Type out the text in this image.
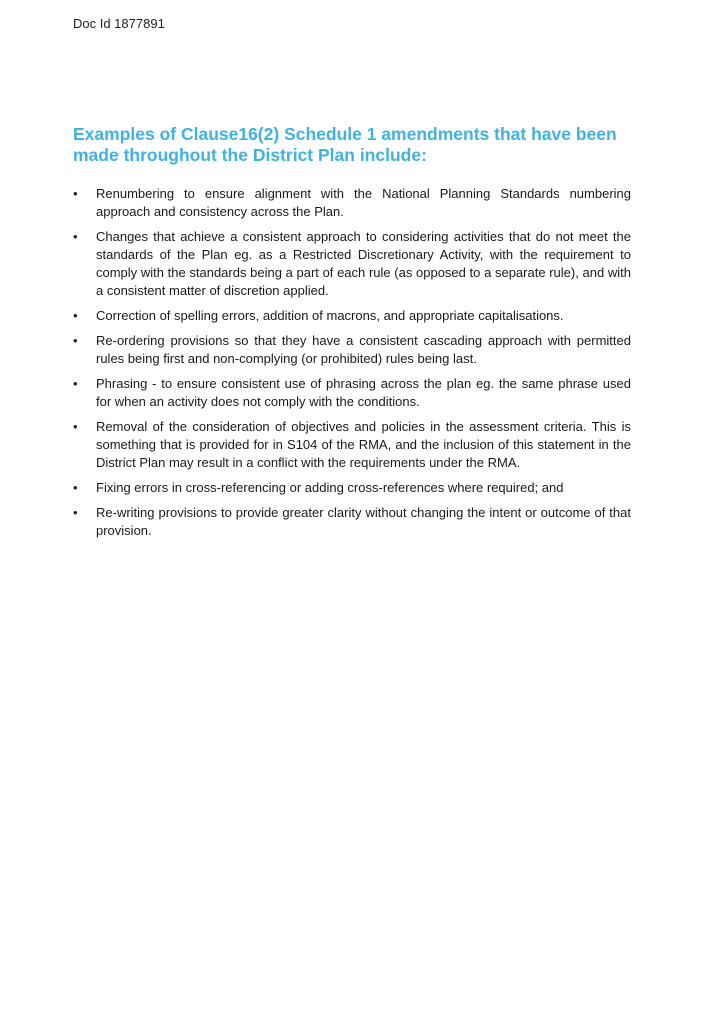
Doc Id 1877891
Examples of Clause16(2) Schedule 1 amendments that have been made throughout the District Plan include:
• Renumbering to ensure alignment with the National Planning Standards numbering approach and consistency across the Plan.
• Changes that achieve a consistent approach to considering activities that do not meet the standards of the Plan eg. as a Restricted Discretionary Activity, with the requirement to comply with the standards being a part of each rule (as opposed to a separate rule), and with a consistent matter of discretion applied.
• Correction of spelling errors, addition of macrons, and appropriate capitalisations.
• Re-ordering provisions so that they have a consistent cascading approach with permitted rules being first and non-complying (or prohibited) rules being last.
• Phrasing - to ensure consistent use of phrasing across the plan eg. the same phrase used for when an activity does not comply with the conditions.
• Removal of the consideration of objectives and policies in the assessment criteria. This is something that is provided for in S104 of the RMA, and the inclusion of this statement in the District Plan may result in a conflict with the requirements under the RMA.
• Fixing errors in cross-referencing or adding cross-references where required; and
• Re-writing provisions to provide greater clarity without changing the intent or outcome of that provision.
